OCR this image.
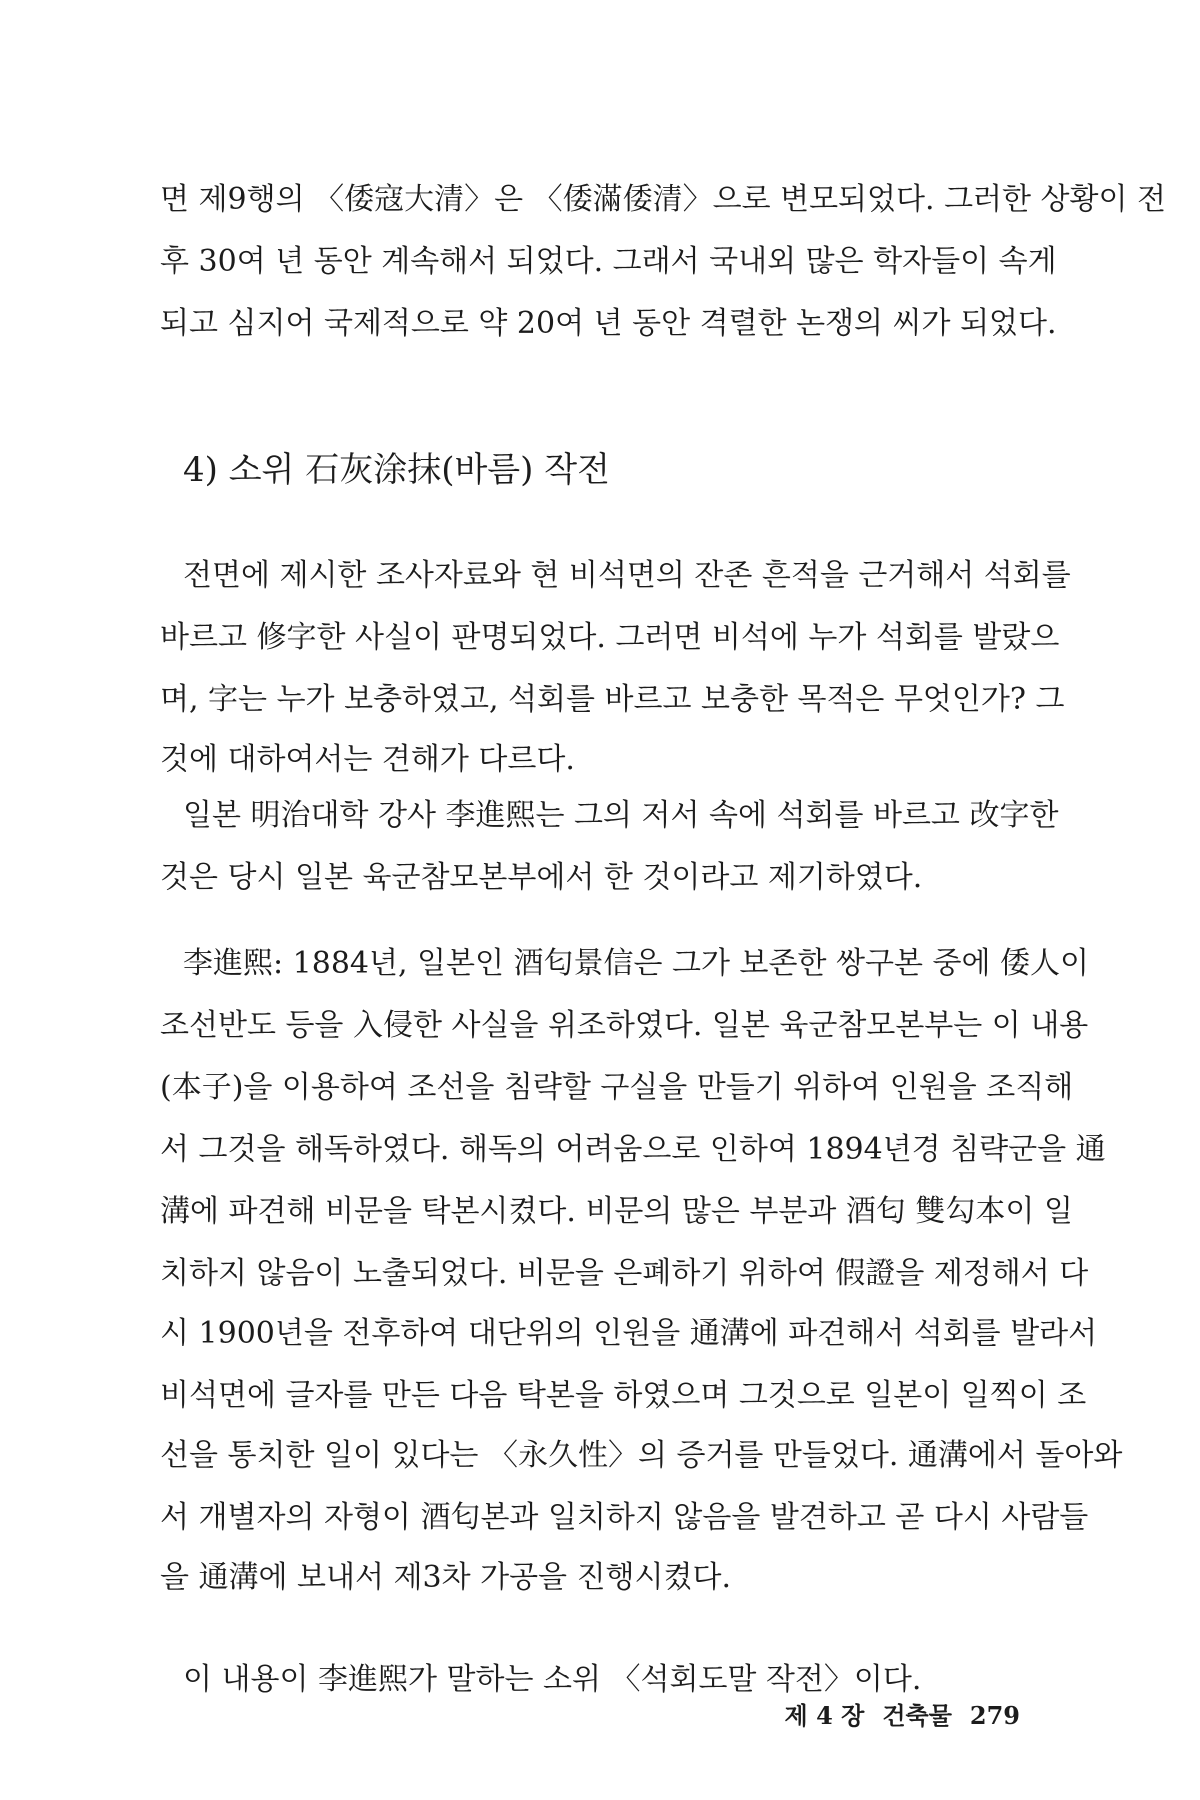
면 제9행의 〈倭寇大清〉은 〈倭滿倭清〉으로 변모되었다. 그러한 상황이 전
후 30여 년 동안 계속해서 되었다. 그래서 국내외 많은 학자들이 속게
되고 심지어 국제적으로 약 20여 년 동안 격렬한 논쟁의 씨가 되었다.
4) 소위 石灰涂抹(바름) 작전
전면에 제시한 조사자료와 현 비석면의 잔존 흔적을 근거해서 석회를
바르고 修字한 사실이 판명되었다. 그러면 비석에 누가 석회를 발랐으
며, 字는 누가 보충하였고, 석회를 바르고 보충한 목적은 무엇인가? 그
것에 대하여서는 견해가 다르다.
일본 明治대학 강사 李進熙는 그의 저서 속에 석회를 바르고 改字한
것은 당시 일본 육군참모본부에서 한 것이라고 제기하였다.
李進熙: 1884년, 일본인 酒匂景信은 그가 보존한 쌍구본 중에 倭人이
조선반도 등을 入侵한 사실을 위조하였다. 일본 육군참모본부는 이 내용
(本子)을 이용하여 조선을 침략할 구실을 만들기 위하여 인원을 조직해
서 그것을 해독하였다. 해독의 어려움으로 인하여 1894년경 침략군을 通
溝에 파견해 비문을 탁본시켰다. 비문의 많은 부분과 酒匂 雙勾本이 일
치하지 않음이 노출되었다. 비문을 은폐하기 위하여 假證을 제정해서 다
시 1900년을 전후하여 대단위의 인원을 通溝에 파견해서 석회를 발라서
비석면에 글자를 만든 다음 탁본을 하였으며 그것으로 일본이 일찍이 조
선을 통치한 일이 있다는 〈永久性〉의 증거를 만들었다. 通溝에서 돌아와
서 개별자의 자형이 酒匂본과 일치하지 않음을 발견하고 곧 다시 사람들
을 通溝에 보내서 제3차 가공을 진행시켰다.
이 내용이 李進熙가 말하는 소위 〈석회도말 작전〉이다.
제 4 장 건축물 279
